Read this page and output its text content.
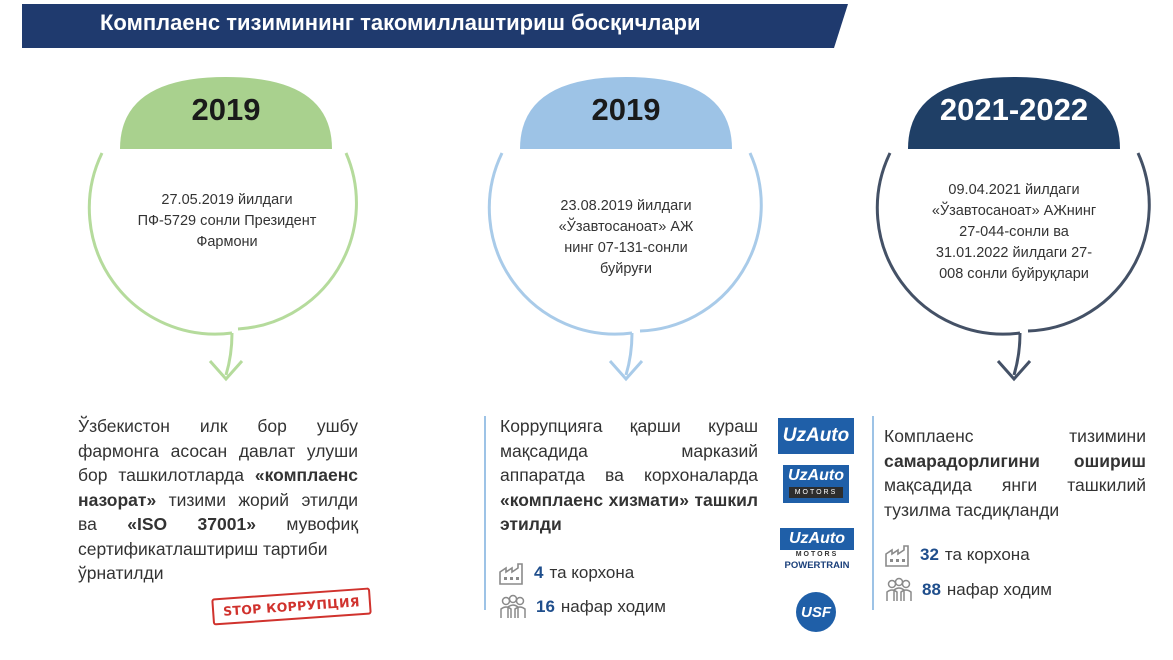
Комплаенс тизимининг такомиллаштириш босқичлари
2019	2019	2021-2022
27.05.2019 йилдаги
ПФ-5729 сонли Президент
Фармони
23.08.2019 йилдаги
«Ўзавтосаноат» АЖ
нинг 07-131-сонли
буйруғи
09.04.2021 йилдаги
«Ўзавтосаноат» АЖнинг
27-044-сонли ва
31.01.2022 йилдаги 27-
008 сонли буйруқлари
Ўзбекистон илк бор ушбу фармонга асосан давлат улуши бор ташкилотларда «комплаенс назорат» тизими жорий этилди ва «ISO 37001» мувофиқ сертификатлаштириш тартиби
ўрнатилди
STOP КОРРУПЦИЯ
Коррупцияга қарши кураш мақсадида марказий аппаратда ва корхоналарда «комплаенс хизмати» ташкил этилди
4 та корхона
16 нафар ходим
UzAuto
UzAuto
MOTORS
UzAuto
MOTORS
POWERTRAIN
USF
Комплаенс тизимини самарадорлигини ошириш мақсадида янги ташкилий тузилма тасдиқланди
32 та корхона
88 нафар ходим
